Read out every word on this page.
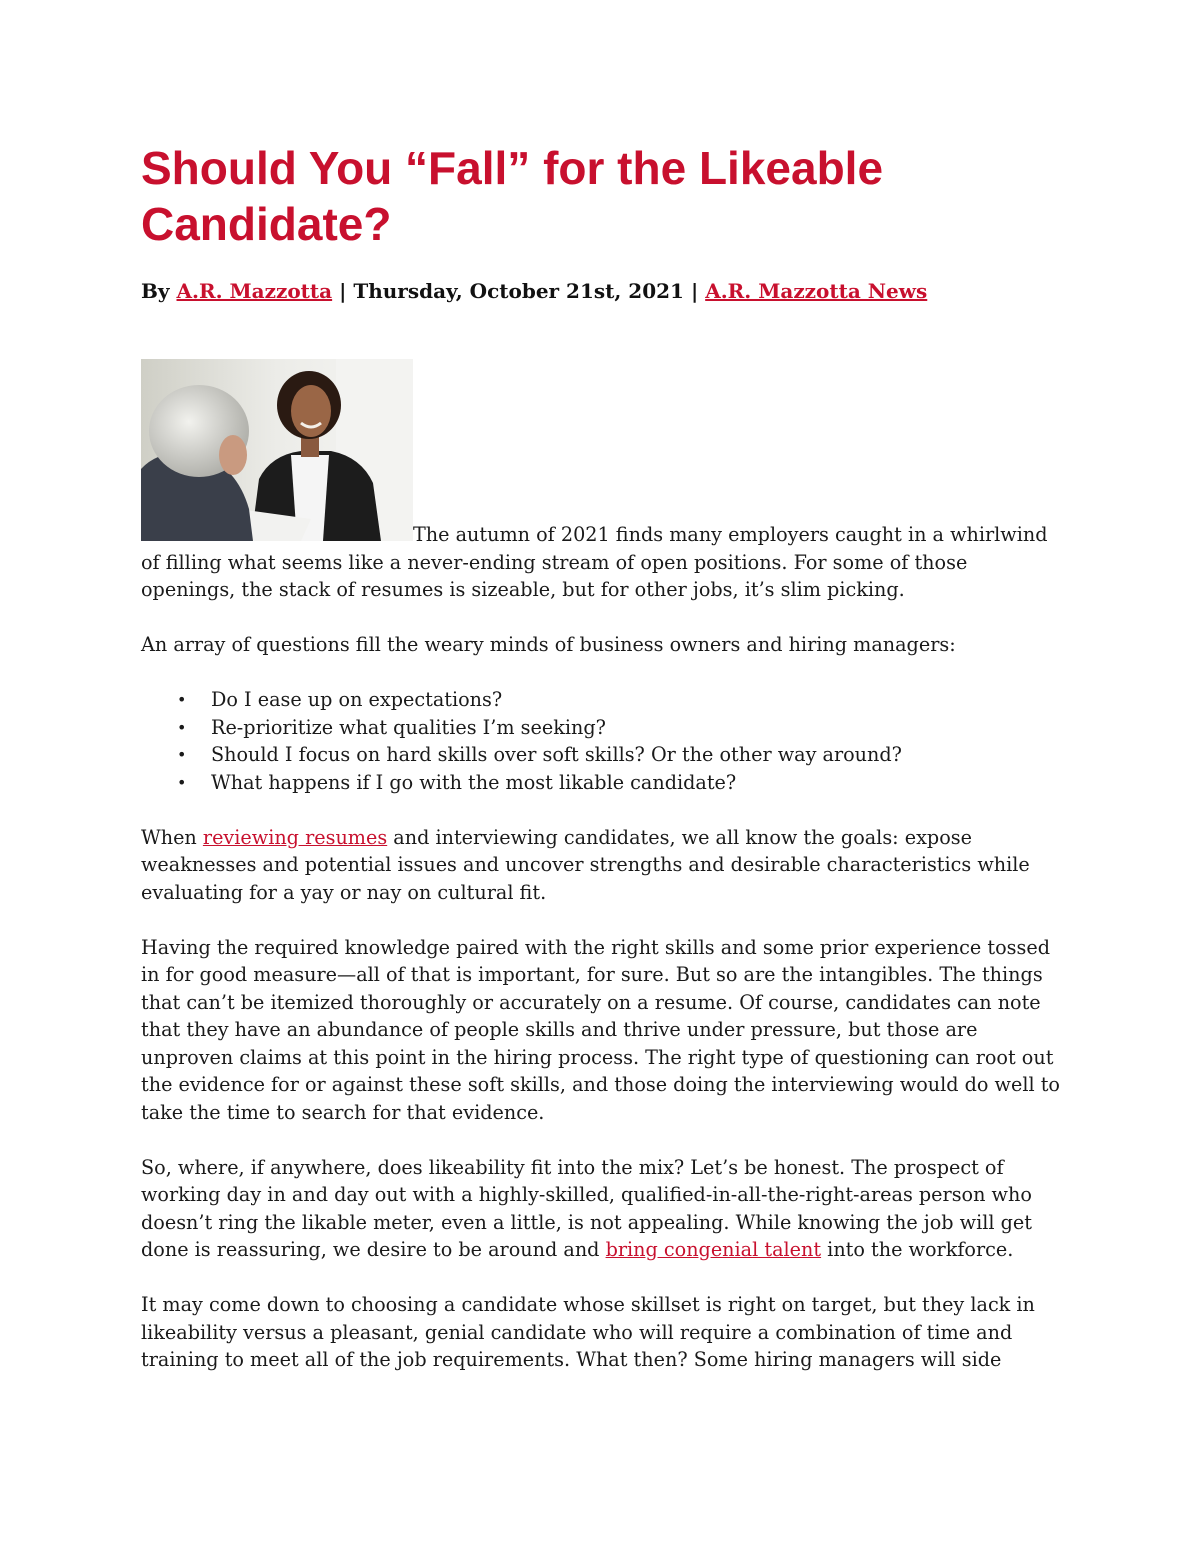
Should You “Fall” for the Likeable Candidate?
By A.R. Mazzotta | Thursday, October 21st, 2021 | A.R. Mazzotta News

The autumn of 2021 finds many employers caught in a whirlwind of filling what seems like a never-ending stream of open positions. For some of those openings, the stack of resumes is sizeable, but for other jobs, it’s slim picking.

An array of questions fill the weary minds of business owners and hiring managers:

• Do I ease up on expectations?
• Re-prioritize what qualities I’m seeking?
• Should I focus on hard skills over soft skills? Or the other way around?
• What happens if I go with the most likable candidate?

When reviewing resumes and interviewing candidates, we all know the goals: expose weaknesses and potential issues and uncover strengths and desirable characteristics while evaluating for a yay or nay on cultural fit.

Having the required knowledge paired with the right skills and some prior experience tossed in for good measure—all of that is important, for sure. But so are the intangibles. The things that can’t be itemized thoroughly or accurately on a resume. Of course, candidates can note that they have an abundance of people skills and thrive under pressure, but those are unproven claims at this point in the hiring process. The right type of questioning can root out the evidence for or against these soft skills, and those doing the interviewing would do well to take the time to search for that evidence.

So, where, if anywhere, does likeability fit into the mix? Let’s be honest. The prospect of working day in and day out with a highly-skilled, qualified-in-all-the-right-areas person who doesn’t ring the likable meter, even a little, is not appealing. While knowing the job will get done is reassuring, we desire to be around and bring congenial talent into the workforce.

It may come down to choosing a candidate whose skillset is right on target, but they lack in likeability versus a pleasant, genial candidate who will require a combination of time and training to meet all of the job requirements. What then? Some hiring managers will side
